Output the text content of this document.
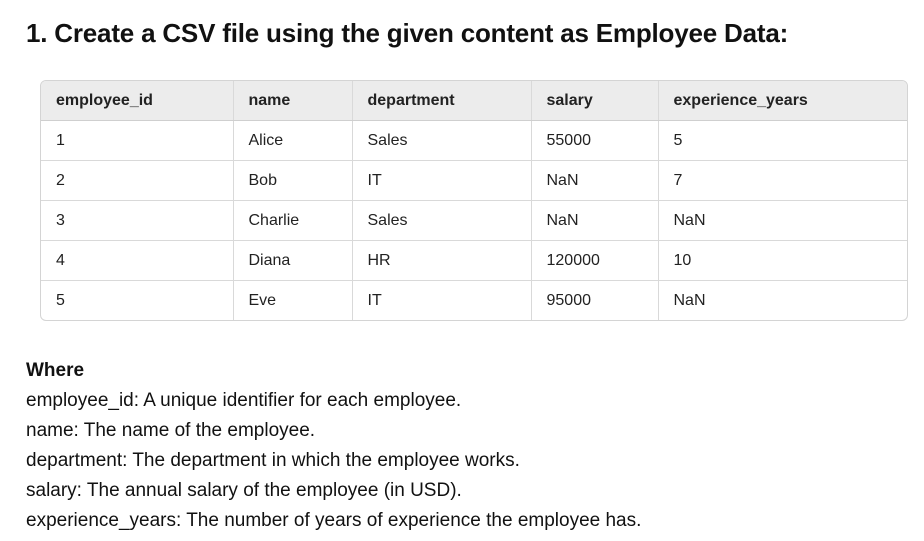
1. Create a CSV file using the given content as Employee Data:
employee_id	name	department	salary	experience_years
1	Alice	Sales	55000	5
2	Bob	IT	NaN	7
3	Charlie	Sales	NaN	NaN
4	Diana	HR	120000	10
5	Eve	IT	95000	NaN

Where

employee_id: A unique identifier for each employee.

name: The name of the employee.

department: The department in which the employee works.

salary: The annual salary of the employee (in USD).

experience_years: The number of years of experience the employee has.
